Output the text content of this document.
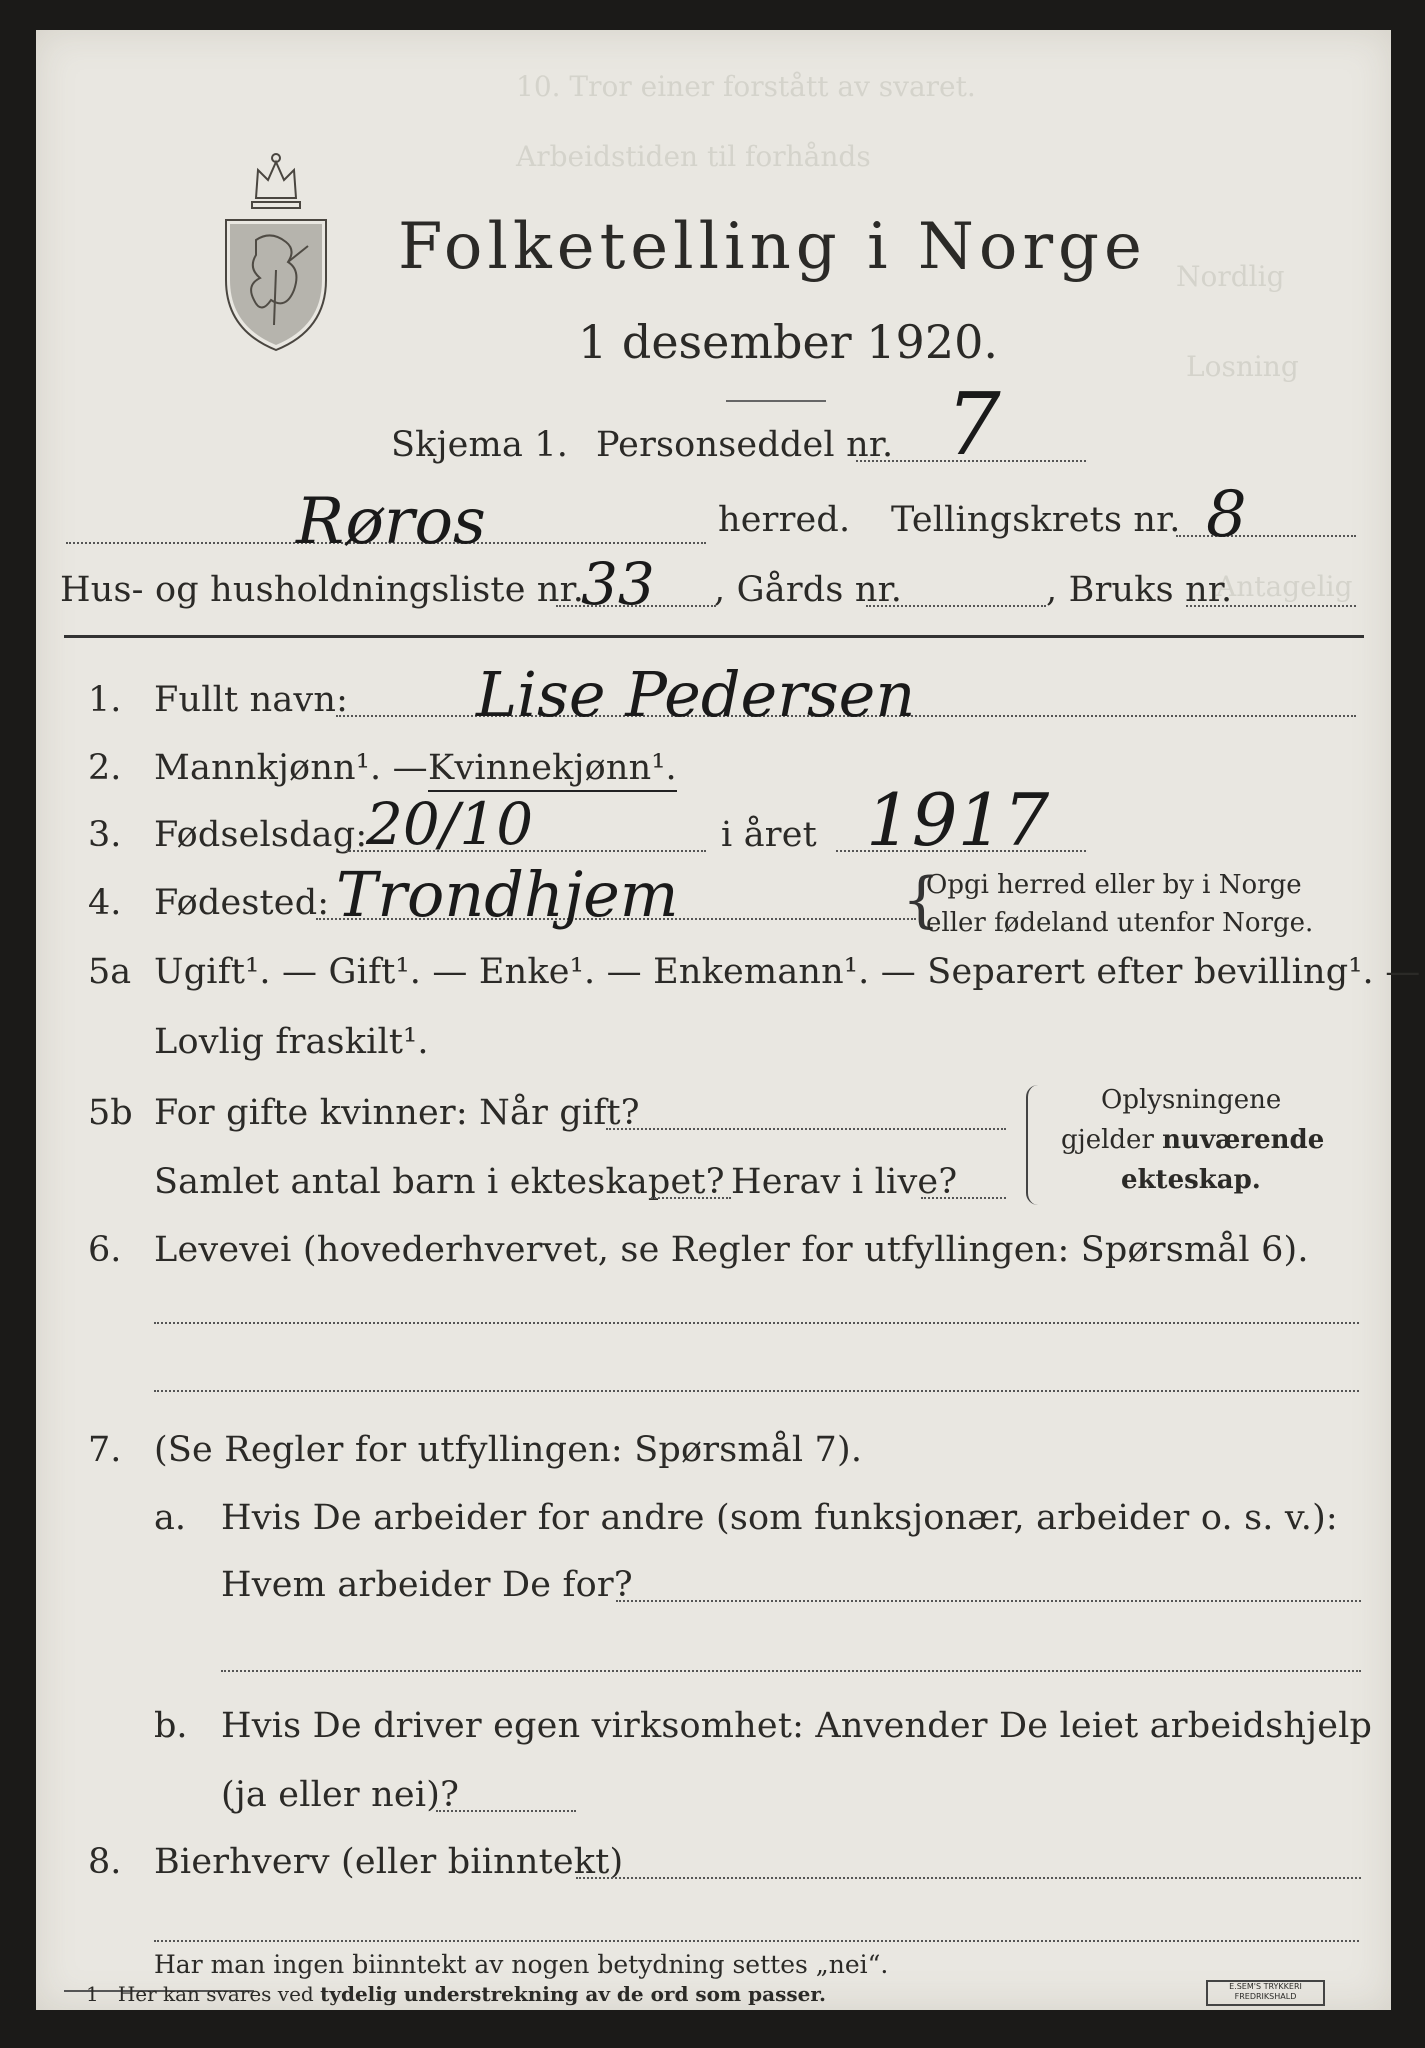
10. Tror einer forstått av svaret.
Arbeidstiden til forhånds
Nordlig
Losning
Antagelig
Folketelling i Norge
1 desember 1920.
Skjema 1. Personseddel nr. 7
Røros	herred. Tellingskrets nr. 8
Hus- og husholdningsliste nr.
33 , Gårds nr.	, Bruks nr.
1. Fullt navn: Lise Pedersen
2. Mannkjønn¹. — Kvinnekjønn¹.
3. Fødselsdag:
20/10	i året 1917
4. Fødested: Trondhjem	{
Opgi herred eller by i Norge
eller fødeland utenfor Norge.
5a Ugift¹. — Gift¹. — Enke¹. — Enkemann¹. — Separert efter bevilling¹. —
Lovlig fraskilt¹.
5b For gifte kvinner: Når gift?
Samlet antal barn i ekteskapet? Herav i live?
Oplysningene
gjelder nuværende
ekteskap.
6. Levevei (hovederhvervet, se Regler for utfyllingen: Spørsmål 6).
7. (Se Regler for utfyllingen: Spørsmål 7).
a. Hvis De arbeider for andre (som funksjonær, arbeider o. s. v.):
Hvem arbeider De for?
b. Hvis De driver egen virksomhet: Anvender De leiet arbeidshjelp
(ja eller nei)?
8. Bierhverv (eller biinntekt)
Har man ingen biinntekt av nogen betydning settes „nei“.
1 Her kan svares ved tydelig understrekning av de ord som passer.	E.SEM'S TRYKKERI
FREDRIKSHALD
